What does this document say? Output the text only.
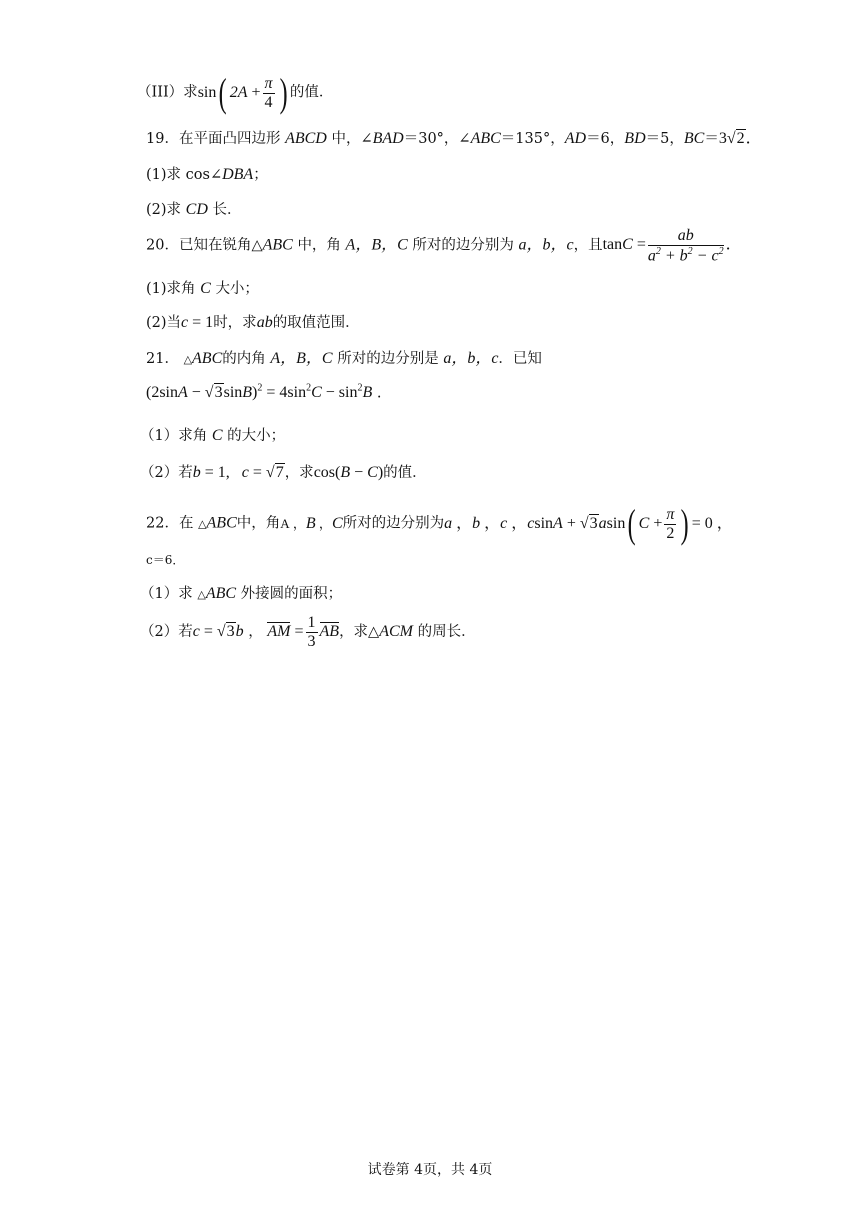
（III）求sin( $2A + \frac{\pi}{4}$ ) 的值．
19．在平面凸四边形 ABCD 中，∠BAD＝30°，∠ABC＝135°，AD＝6，BD＝5，BC＝3√2．
(1)求 cos∠DBA；
(2)求 CD 长．
20．已知在锐角△ABC 中，角 A，B，C 所对的边分别为 a，b，c，且$\tan C = \frac{ab}{a^2 + b^2 - c^2}$ ．
(1)求角 C 大小；
(2)当c = 1时，求ab的取值范围．
21． △ABC的内角 A，B，C 所对的边分别是 a，b，c．已知
$(2\sin A - √3\sin B)^2 = 4\sin^2C - \sin^2B$ .
（1）求角 C 的大小；
（2）若b = 1,   c = √7，求cos(B − C)的值．
22．在 △ABC中，角A ，B ，C所对的边分别为a ，b ，c ，csinA + √3asin( $C + \frac{\pi}{2}$ ) = 0 ，
c＝6．
（1）求 △ABC 外接圆的面积；
（2）若c = √3b ， AM = $\frac{1}{3}$ AB，求△ACM 的周长．
试卷第 4页，共 4页
